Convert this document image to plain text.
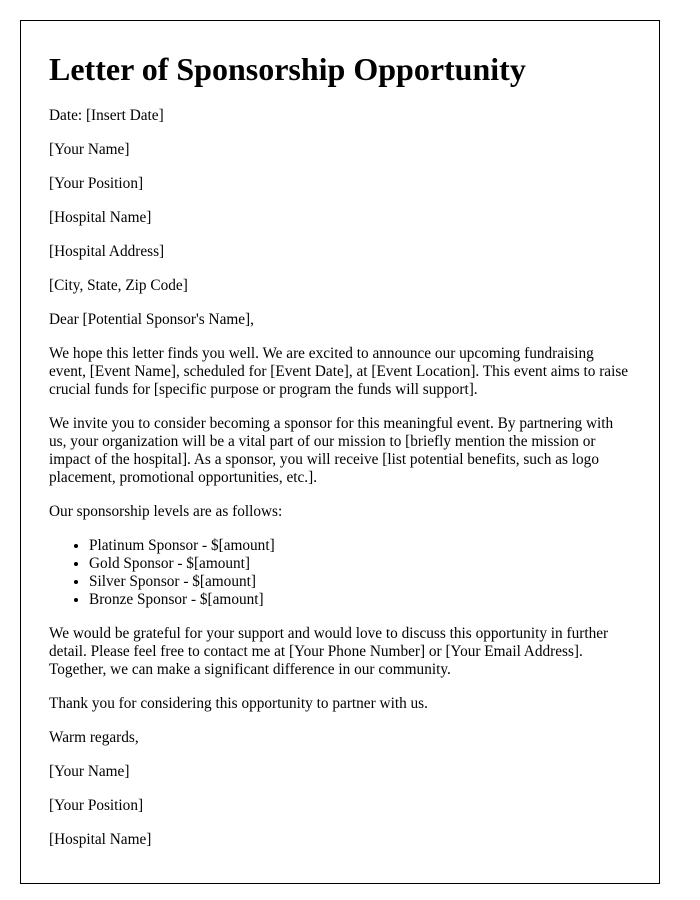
Letter of Sponsorship Opportunity

Date: [Insert Date]

[Your Name]

[Your Position]

[Hospital Name]

[Hospital Address]

[City, State, Zip Code]

Dear [Potential Sponsor's Name],

We hope this letter finds you well. We are excited to announce our upcoming fundraising event, [Event Name], scheduled for [Event Date], at [Event Location]. This event aims to raise crucial funds for [specific purpose or program the funds will support].

We invite you to consider becoming a sponsor for this meaningful event. By partnering with us, your organization will be a vital part of our mission to [briefly mention the mission or impact of the hospital]. As a sponsor, you will receive [list potential benefits, such as logo placement, promotional opportunities, etc.].

Our sponsorship levels are as follows:

• Platinum Sponsor - $[amount]
• Gold Sponsor - $[amount]
• Silver Sponsor - $[amount]
• Bronze Sponsor - $[amount]

We would be grateful for your support and would love to discuss this opportunity in further detail. Please feel free to contact me at [Your Phone Number] or [Your Email Address]. Together, we can make a significant difference in our community.

Thank you for considering this opportunity to partner with us.

Warm regards,

[Your Name]

[Your Position]

[Hospital Name]
